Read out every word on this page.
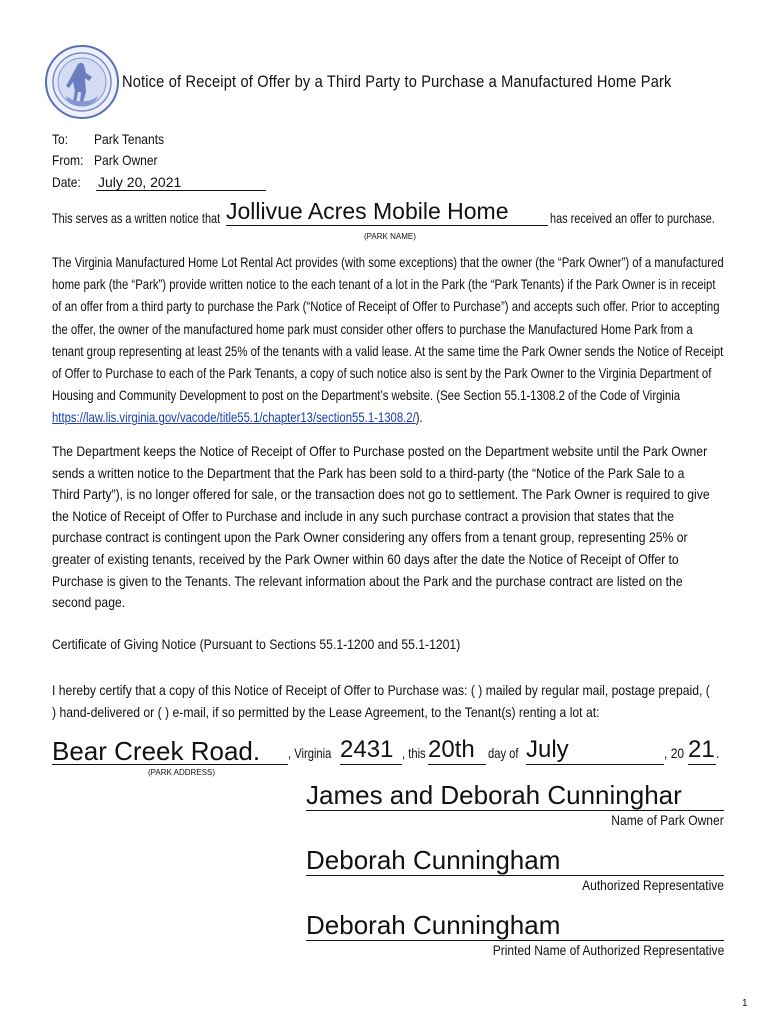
Notice of Receipt of Offer by a Third Party to Purchase a Manufactured Home Park
To: Park Tenants
From: Park Owner
Date: July 20, 2021
This serves as a written notice that Jollivue Acres Mobile Home	has received an offer to purchase.
(PARK NAME)
The Virginia Manufactured Home Lot Rental Act provides (with some exceptions) that the owner (the “Park Owner”) of a manufactured home park (the “Park”) provide written notice to the each tenant of a lot in the Park (the “Park Tenants) if the Park Owner is in receipt of an offer from a third party to purchase the Park (“Notice of Receipt of Offer to Purchase”) and accepts such offer. Prior to accepting the offer, the owner of the manufactured home park must consider other offers to purchase the Manufactured Home Park from a tenant group representing at least 25% of the tenants with a valid lease. At the same time the Park Owner sends the Notice of Receipt of Offer to Purchase to each of the Park Tenants, a copy of such notice also is sent by the Park Owner to the Virginia Department of Housing and Community Development to post on the Department’s website. (See Section 55.1-1308.2 of the Code of Virginia https://law.lis.virginia.gov/vacode/title55.1/chapter13/section55.1-1308.2/).
The Department keeps the Notice of Receipt of Offer to Purchase posted on the Department website until the Park Owner sends a written notice to the Department that the Park has been sold to a third-party (the “Notice of the Park Sale to a Third Party”), is no longer offered for sale, or the transaction does not go to settlement. The Park Owner is required to give the Notice of Receipt of Offer to Purchase and include in any such purchase contract a provision that states that the purchase contract is contingent upon the Park Owner considering any offers from a tenant group, representing 25% or greater of existing tenants, received by the Park Owner within 60 days after the date the Notice of Receipt of Offer to Purchase is given to the Tenants. The relevant information about the Park and the purchase contract are listed on the second page.
Certificate of Giving Notice (Pursuant to Sections 55.1-1200 and 55.1-1201)
I hereby certify that a copy of this Notice of Receipt of Offer to Purchase was: ( ) mailed by regular mail, postage prepaid, ( ) hand-delivered or ( ) e-mail, if so permitted by the Lease Agreement, to the Tenant(s) renting a lot at:
Bear Creek Road.	, Virginia 2431 , this 20th day of July	, 20 21 .
(PARK ADDRESS)
James and Deborah Cunninghar
Name of Park Owner
Deborah Cunningham
Authorized Representative
Deborah Cunningham
Printed Name of Authorized Representative
1
